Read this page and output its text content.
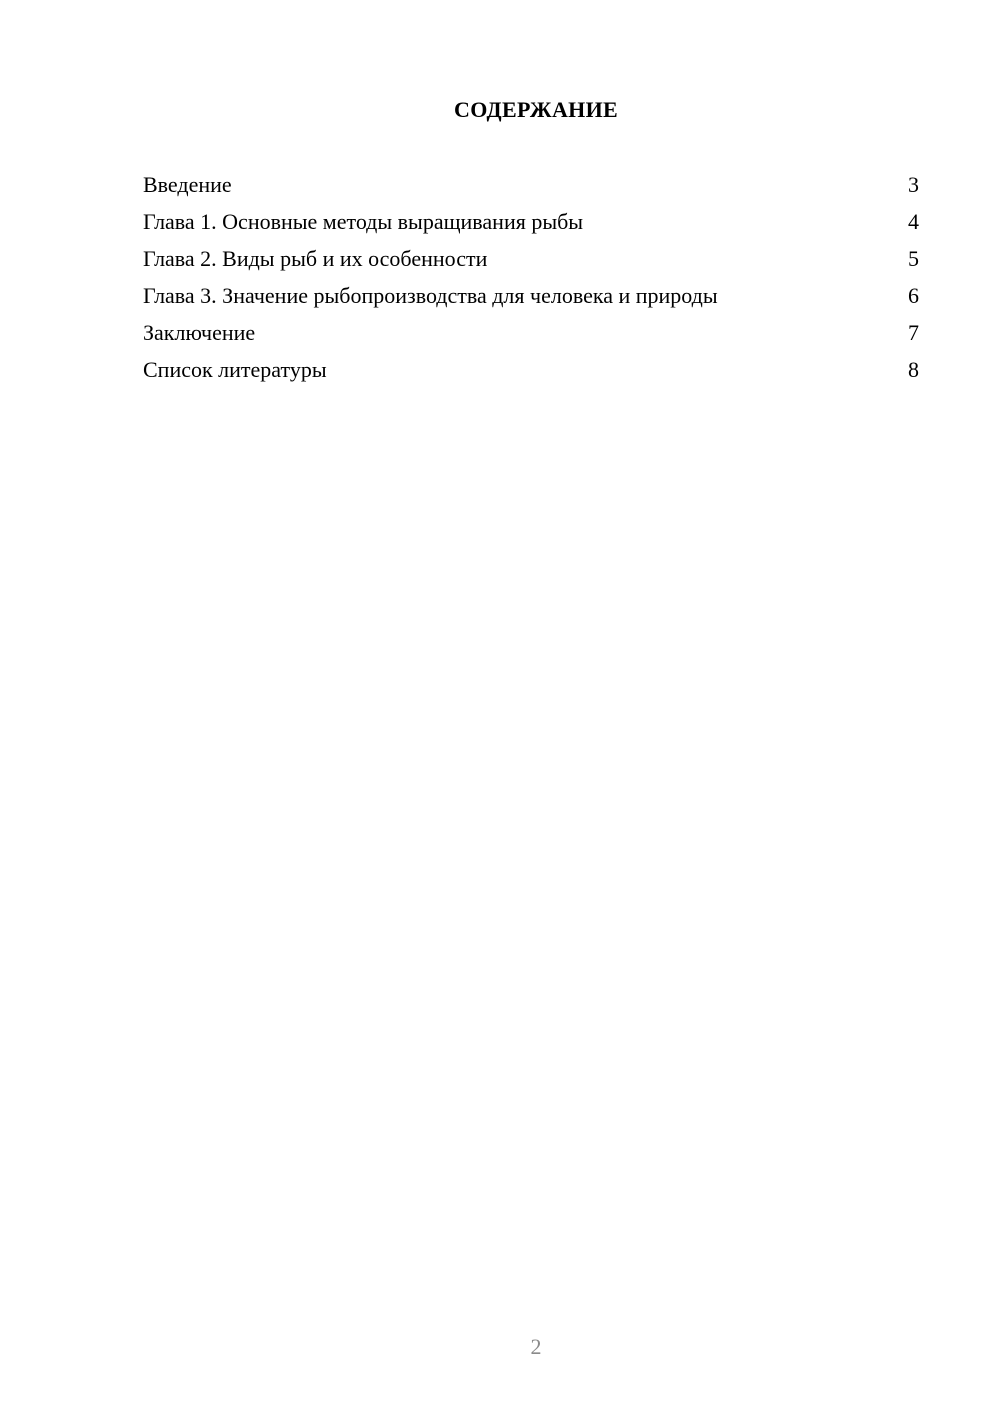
СОДЕРЖАНИЕ
Введение	3
Глава 1. Основные методы выращивания рыбы	4
Глава 2. Виды рыб и их особенности	5
Глава 3. Значение рыбопроизводства для человека и природы	6
Заключение	7
Список литературы	8
2
